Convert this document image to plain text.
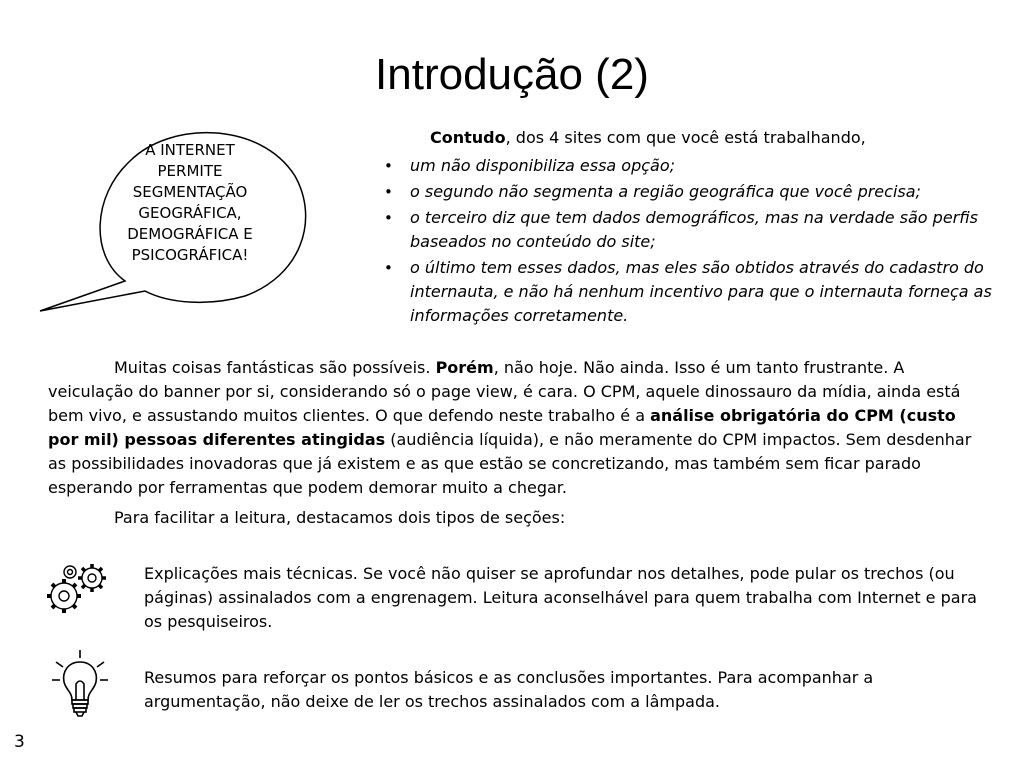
Introdução (2)
A INTERNET
PERMITE
SEGMENTAÇÃO
GEOGRÁFICA,
DEMOGRÁFICA E
PSICOGRÁFICA!
Contudo, dos 4 sites com que você está trabalhando,
• um não disponibiliza essa opção;
• o segundo não segmenta a região geográfica que você precisa;
• o terceiro diz que tem dados demográficos, mas na verdade são perfis baseados no conteúdo do site;
• o último tem esses dados, mas eles são obtidos através do cadastro do internauta, e não há nenhum incentivo para que o internauta forneça as informações corretamente.

Muitas coisas fantásticas são possíveis. Porém, não hoje. Não ainda. Isso é um tanto frustrante. A veiculação do banner por si, considerando só o page view, é cara. O CPM, aquele dinossauro da mídia, ainda está bem vivo, e assustando muitos clientes. O que defendo neste trabalho é a análise obrigatória do CPM (custo por mil) pessoas diferentes atingidas (audiência líquida), e não meramente do CPM impactos. Sem desdenhar as possibilidades inovadoras que já existem e as que estão se concretizando, mas também sem ficar parado esperando por ferramentas que podem demorar muito a chegar.

Para facilitar a leitura, destacamos dois tipos de seções:
Explicações mais técnicas. Se você não quiser se aprofundar nos detalhes, pode pular os trechos (ou páginas) assinalados com a engrenagem. Leitura aconselhável para quem trabalha com Internet e para os pesquiseiros.
Resumos para reforçar os pontos básicos e as conclusões importantes. Para acompanhar a argumentação, não deixe de ler os trechos assinalados com a lâmpada.
3
